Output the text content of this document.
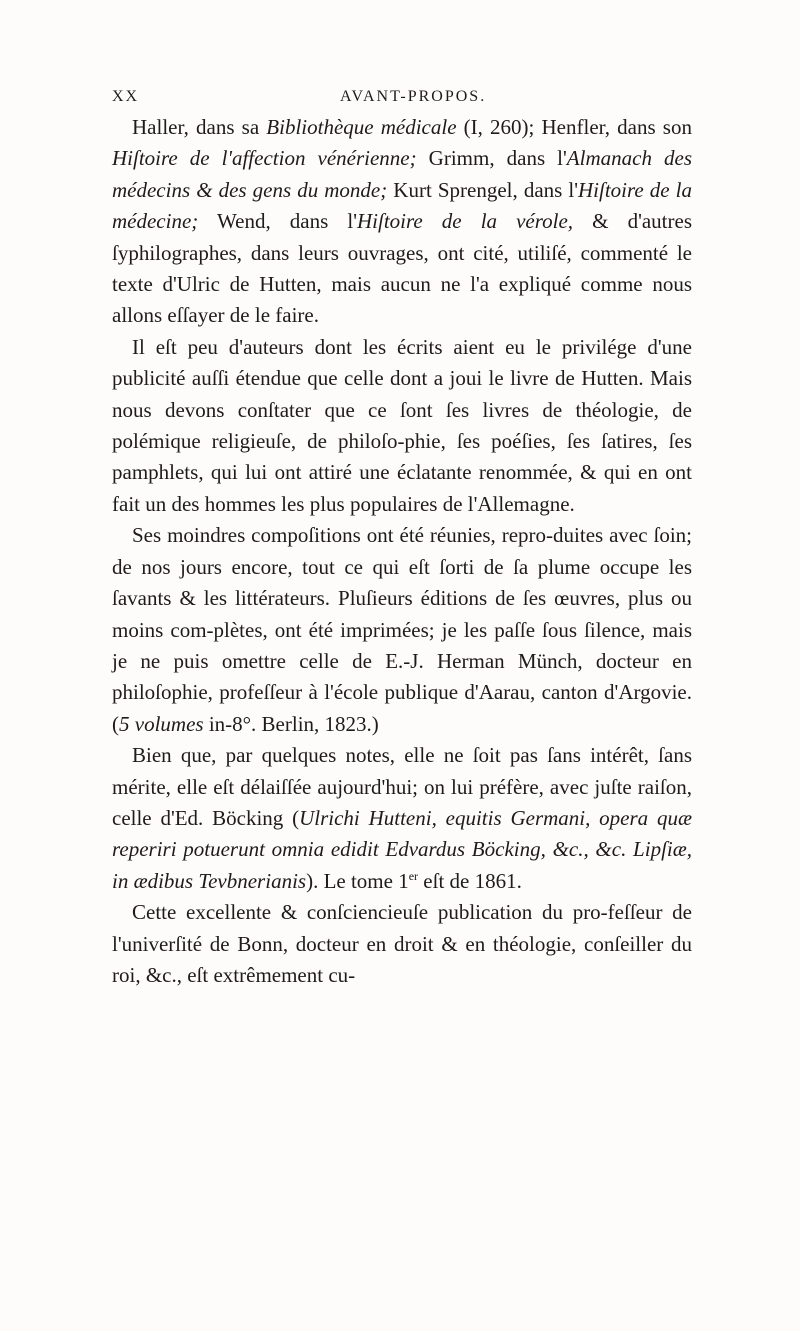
XX	AVANT-PROPOS.

Haller, dans sa Bibliothèque médicale (I, 260); Henfler, dans son Hiſtoire de l'affection vénérienne; Grimm, dans l'Almanach des médecins & des gens du monde; Kurt Sprengel, dans l'Hiſtoire de la médecine; Wend, dans l'Hiſtoire de la vérole, & d'autres ſyphilographes, dans leurs ouvrages, ont cité, utiliſé, commenté le texte d'Ulric de Hutten, mais aucun ne l'a expliqué comme nous allons eſſayer de le faire.

Il eſt peu d'auteurs dont les écrits aient eu le privilége d'une publicité auſſi étendue que celle dont a joui le livre de Hutten. Mais nous devons conſtater que ce ſont ſes livres de théologie, de polémique religieuſe, de philoſo-phie, ſes poéſies, ſes ſatires, ſes pamphlets, qui lui ont attiré une éclatante renommée, & qui en ont fait un des hommes les plus populaires de l'Allemagne.

Ses moindres compoſitions ont été réunies, repro-duites avec ſoin; de nos jours encore, tout ce qui eſt ſorti de ſa plume occupe les ſavants & les littérateurs. Pluſieurs éditions de ſes œuvres, plus ou moins com-plètes, ont été imprimées; je les paſſe ſous ſilence, mais je ne puis omettre celle de E.-J. Herman Münch, docteur en philoſophie, profeſſeur à l'école publique d'Aarau, canton d'Argovie. (5 volumes in-8°. Berlin, 1823.)

Bien que, par quelques notes, elle ne ſoit pas ſans intérêt, ſans mérite, elle eſt délaiſſée aujourd'hui; on lui préfère, avec juſte raiſon, celle d'Ed. Böcking (Ulrichi Hutteni, equitis Germani, opera quæ reperiri potuerunt omnia edidit Edvardus Böcking, &c., &c. Lipſiæ, in ædibus Tevbnerianis). Le tome 1er eſt de 1861.

Cette excellente & conſciencieuſe publication du pro-feſſeur de l'univerſité de Bonn, docteur en droit & en théologie, conſeiller du roi, &c., eſt extrêmement cu-
